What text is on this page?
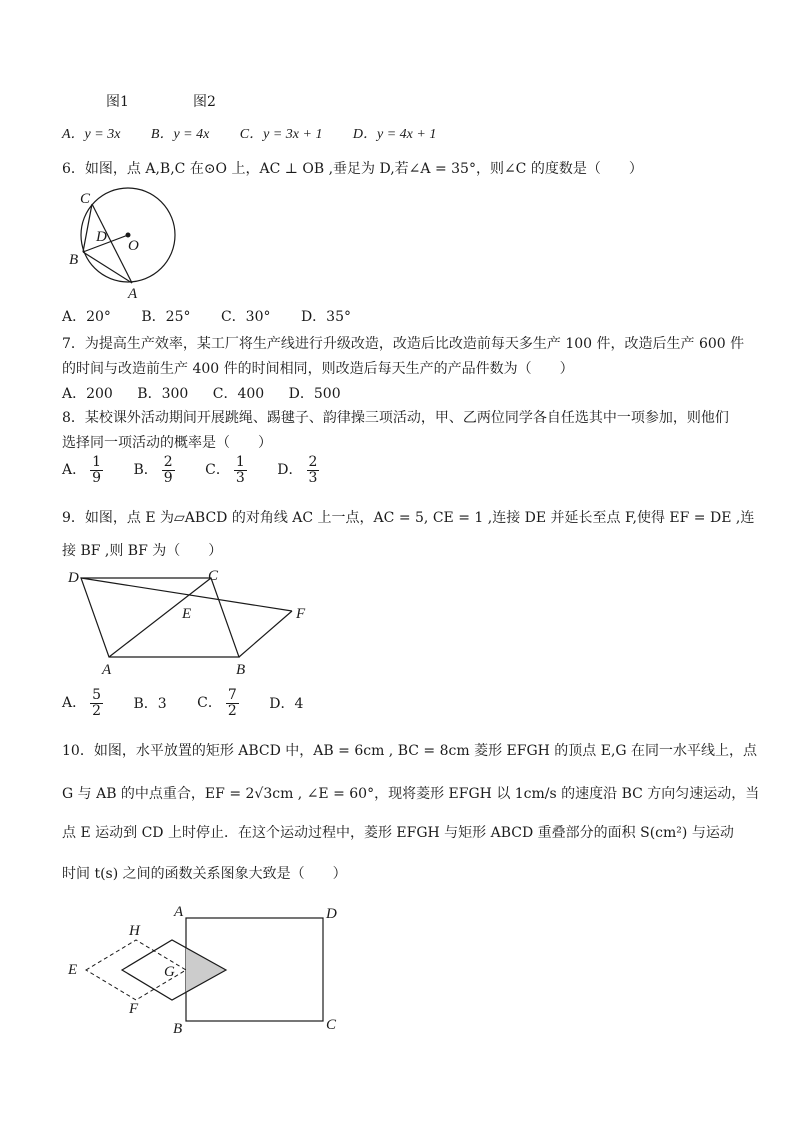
图1	图2
A．y = 3x B．y = 4x C．y = 3x + 1 D．y = 4x + 1
6．如图，点 A,B,C 在⊙O 上，AC ⊥ OB ,垂足为 D,若∠A = 35°，则∠C 的度数是（　　）
C
D
O
B
A
A．20° B．25° C．30° D．35°
7．为提高生产效率，某工厂将生产线进行升级改造，改造后比改造前每天多生产 100 件，改造后生产 600 件
的时间与改造前生产 400 件的时间相同，则改造后每天生产的产品件数为（　　）
A．200 B．300 C．400 D．500
8．某校课外活动期间开展跳绳、踢毽子、韵律操三项活动，甲、乙两位同学各自任选其中一项参加，则他们
选择同一项活动的概率是（　　）
A． $\frac{1}{9}$ B． $\frac{2}{9}$ C． $\frac{1}{3}$ D． $\frac{2}{3}$
9．如图，点 E 为▱ABCD 的对角线 AC 上一点，AC = 5, CE = 1 ,连接 DE 并延长至点 F,使得 EF = DE ,连
接 BF ,则 BF 为（　　）
D	C
E	F
A	B
A． $\frac{5}{2}$ B．3 C． $\frac{7}{2}$ D．4
10．如图，水平放置的矩形 ABCD 中，AB = 6cm , BC = 8cm 菱形 EFGH 的顶点 E,G 在同一水平线上，点
G 与 AB 的中点重合，EF = 2√3cm , ∠E = 60°，现将菱形 EFGH 以 1cm/s 的速度沿 BC 方向匀速运动，当
点 E 运动到 CD 上时停止．在这个运动过程中，菱形 EFGH 与矩形 ABCD 重叠部分的面积 S(cm²) 与运动
时间 t(s) 之间的函数关系图象大致是（　　）
A	D
H
E	G
F
B	C
